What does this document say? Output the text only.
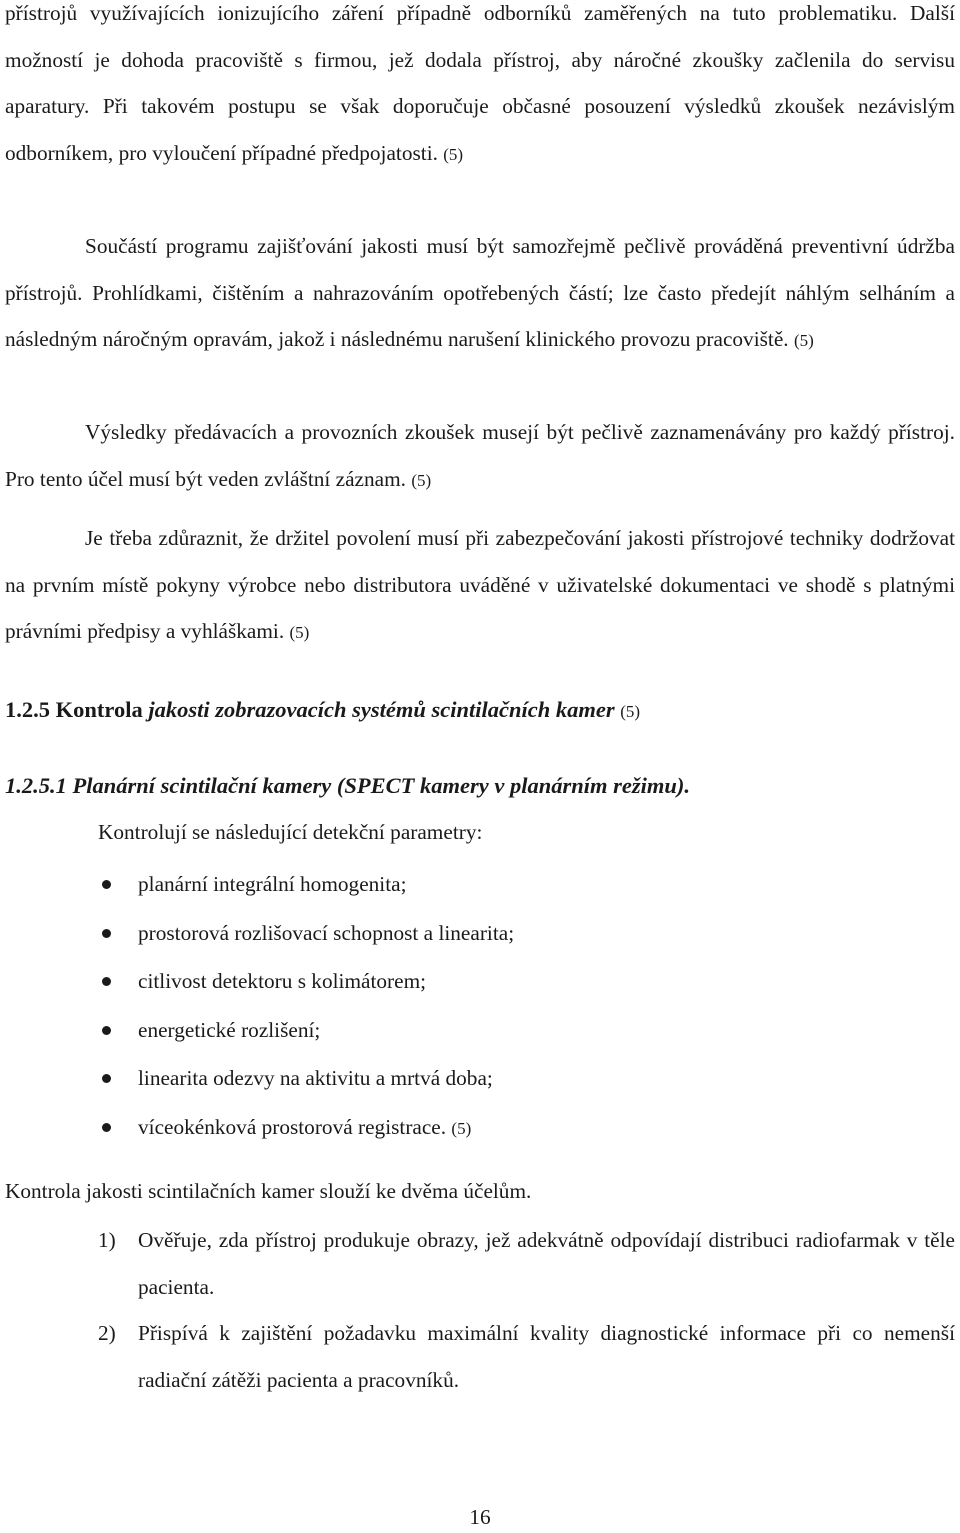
přístrojů využívajících ionizujícího záření případně odborníků zaměřených na tuto problematiku. Další možností je dohoda pracoviště s firmou, jež dodala přístroj, aby náročné zkoušky začlenila do servisu aparatury. Při takovém postupu se však doporučuje občasné posouzení výsledků zkoušek nezávislým odborníkem, pro vyloučení případné předpojatosti. (5)

Součástí programu zajišťování jakosti musí být samozřejmě pečlivě prováděná preventivní údržba přístrojů. Prohlídkami, čištěním a nahrazováním opotřebených částí; lze často předejít náhlým selháním a následným náročným opravám, jakož i následnému narušení klinického provozu pracoviště. (5)

Výsledky předávacích a provozních zkoušek musejí být pečlivě zaznamenávány pro každý přístroj. Pro tento účel musí být veden zvláštní záznam. (5)

Je třeba zdůraznit, že držitel povolení musí při zabezpečování jakosti přístrojové techniky dodržovat na prvním místě pokyny výrobce nebo distributora uváděné v uživatelské dokumentaci ve shodě s platnými právními předpisy a vyhláškami. (5)

1.2.5 Kontrola jakosti zobrazovacích systémů scintilačních kamer (5)

1.2.5.1 Planární scintilační kamery (SPECT kamery v planárním režimu).

Kontrolují se následující detekční parametry:

planární integrální homogenita;
prostorová rozlišovací schopnost a linearita;
citlivost detektoru s kolimátorem;
energetické rozlišení;
linearita odezvy na aktivitu a mrtvá doba;
víceokénková prostorová registrace. (5)

Kontrola jakosti scintilačních kamer slouží ke dvěma účelům.

1) Ověřuje, zda přístroj produkuje obrazy, jež adekvátně odpovídají distribuci radiofarmak v těle pacienta.
2) Přispívá k zajištění požadavku maximální kvality diagnostické informace při co nemenší radiační zátěži pacienta a pracovníků.
16
